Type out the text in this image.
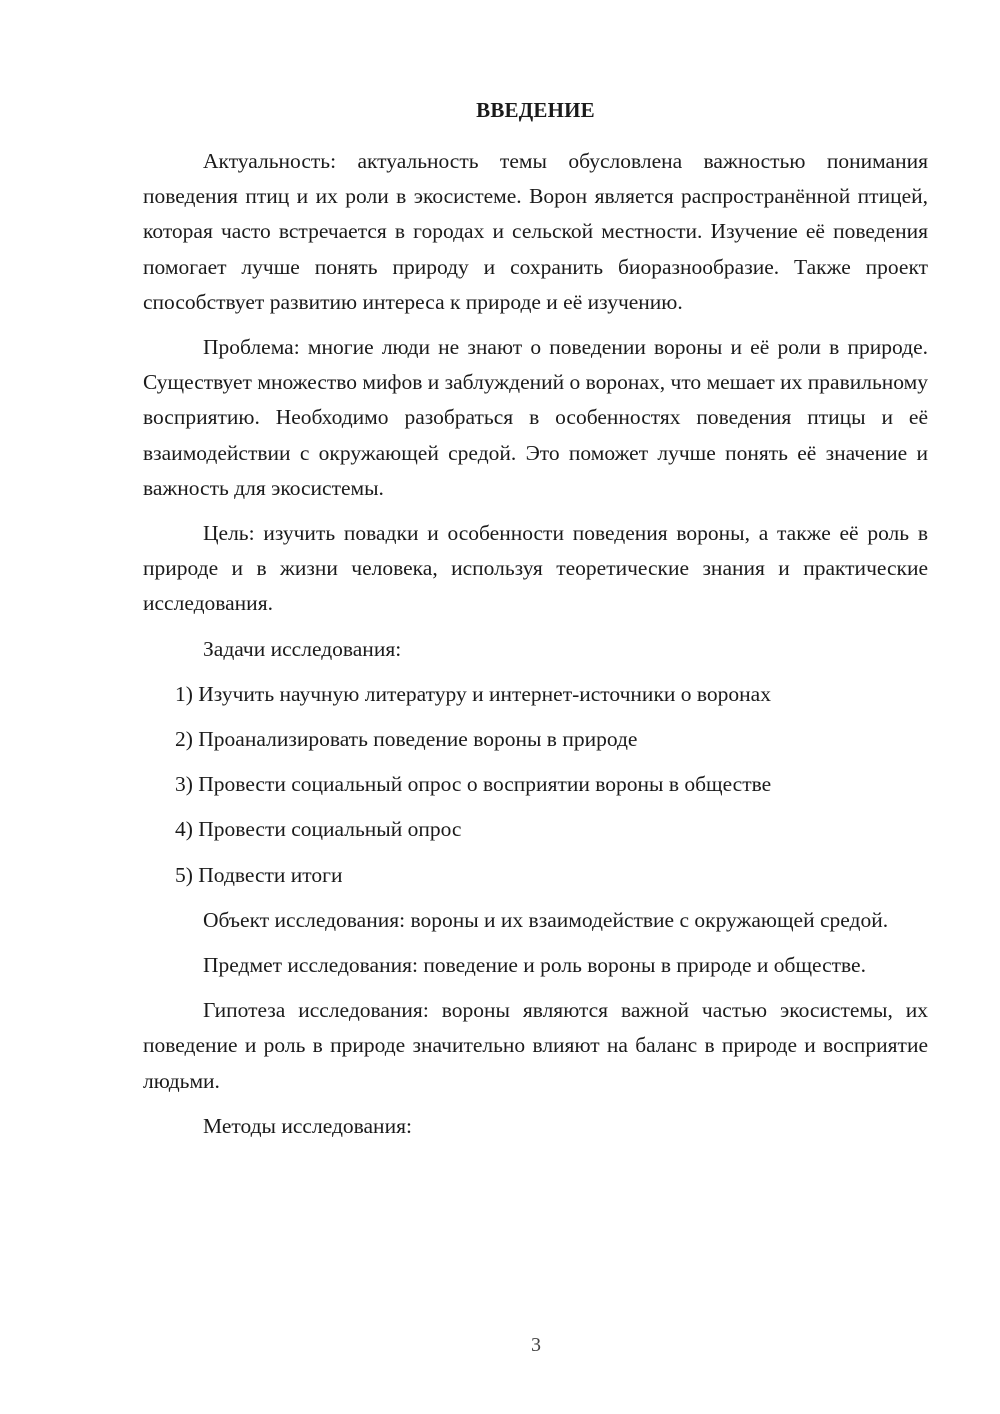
ВВЕДЕНИЕ

Актуальность: актуальность темы обусловлена важностью понимания поведения птиц и их роли в экосистеме. Ворон является распространённой птицей, которая часто встречается в городах и сельской местности. Изучение её поведения помогает лучше понять природу и сохранить биоразнообразие. Также проект способствует развитию интереса к природе и её изучению.

Проблема: многие люди не знают о поведении вороны и её роли в природе. Существует множество мифов и заблуждений о воронах, что мешает их правильному восприятию. Необходимо разобраться в особенностях поведения птицы и её взаимодействии с окружающей средой. Это поможет лучше понять её значение и важность для экосистемы.

Цель: изучить повадки и особенности поведения вороны, а также её роль в природе и в жизни человека, используя теоретические знания и практические исследования.

Задачи исследования:

1) Изучить научную литературу и интернет-источники о воронах
2) Проанализировать поведение вороны в природе
3) Провести социальный опрос о восприятии вороны в обществе
4) Провести социальный опрос
5) Подвести итоги

Объект исследования: вороны и их взаимодействие с окружающей средой.

Предмет исследования: поведение и роль вороны в природе и обществе.

Гипотеза исследования: вороны являются важной частью экосистемы, их поведение и роль в природе значительно влияют на баланс в природе и восприятие людьми.

Методы исследования:

3
